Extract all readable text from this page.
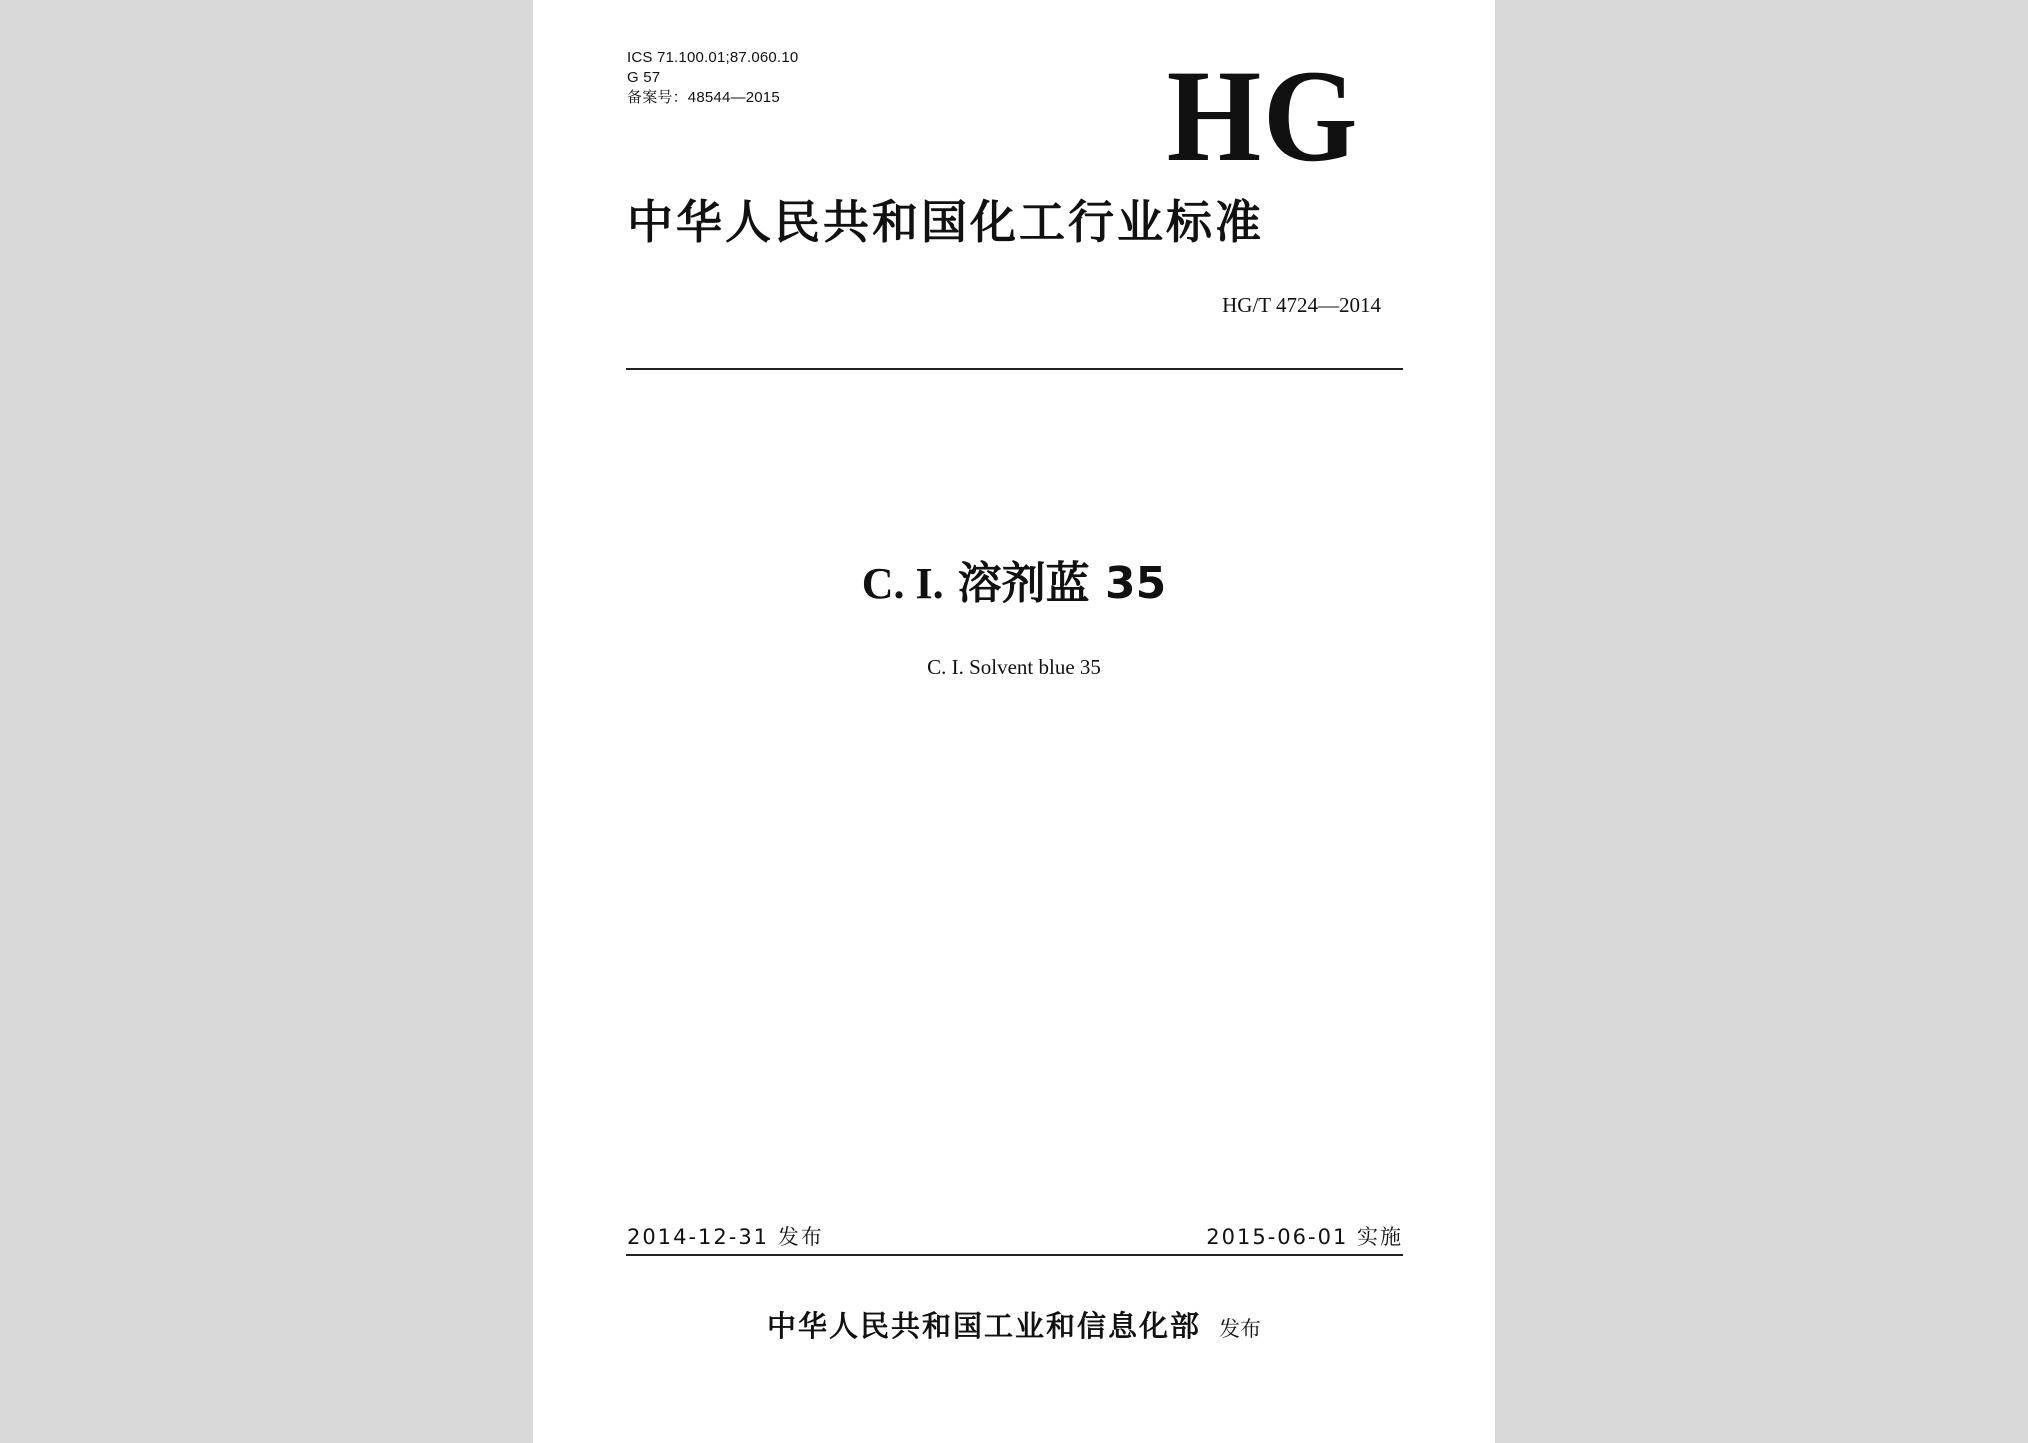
ICS 71.100.01;87.060.10
G 57
备案号：48544—2015	HG
中华人民共和国化工行业标准
HG/T 4724—2014
C. I. 溶剂蓝 35
C. I. Solvent blue 35
2014-12-31 发布	2015-06-01 实施
中华人民共和国工业和信息化部 发布
